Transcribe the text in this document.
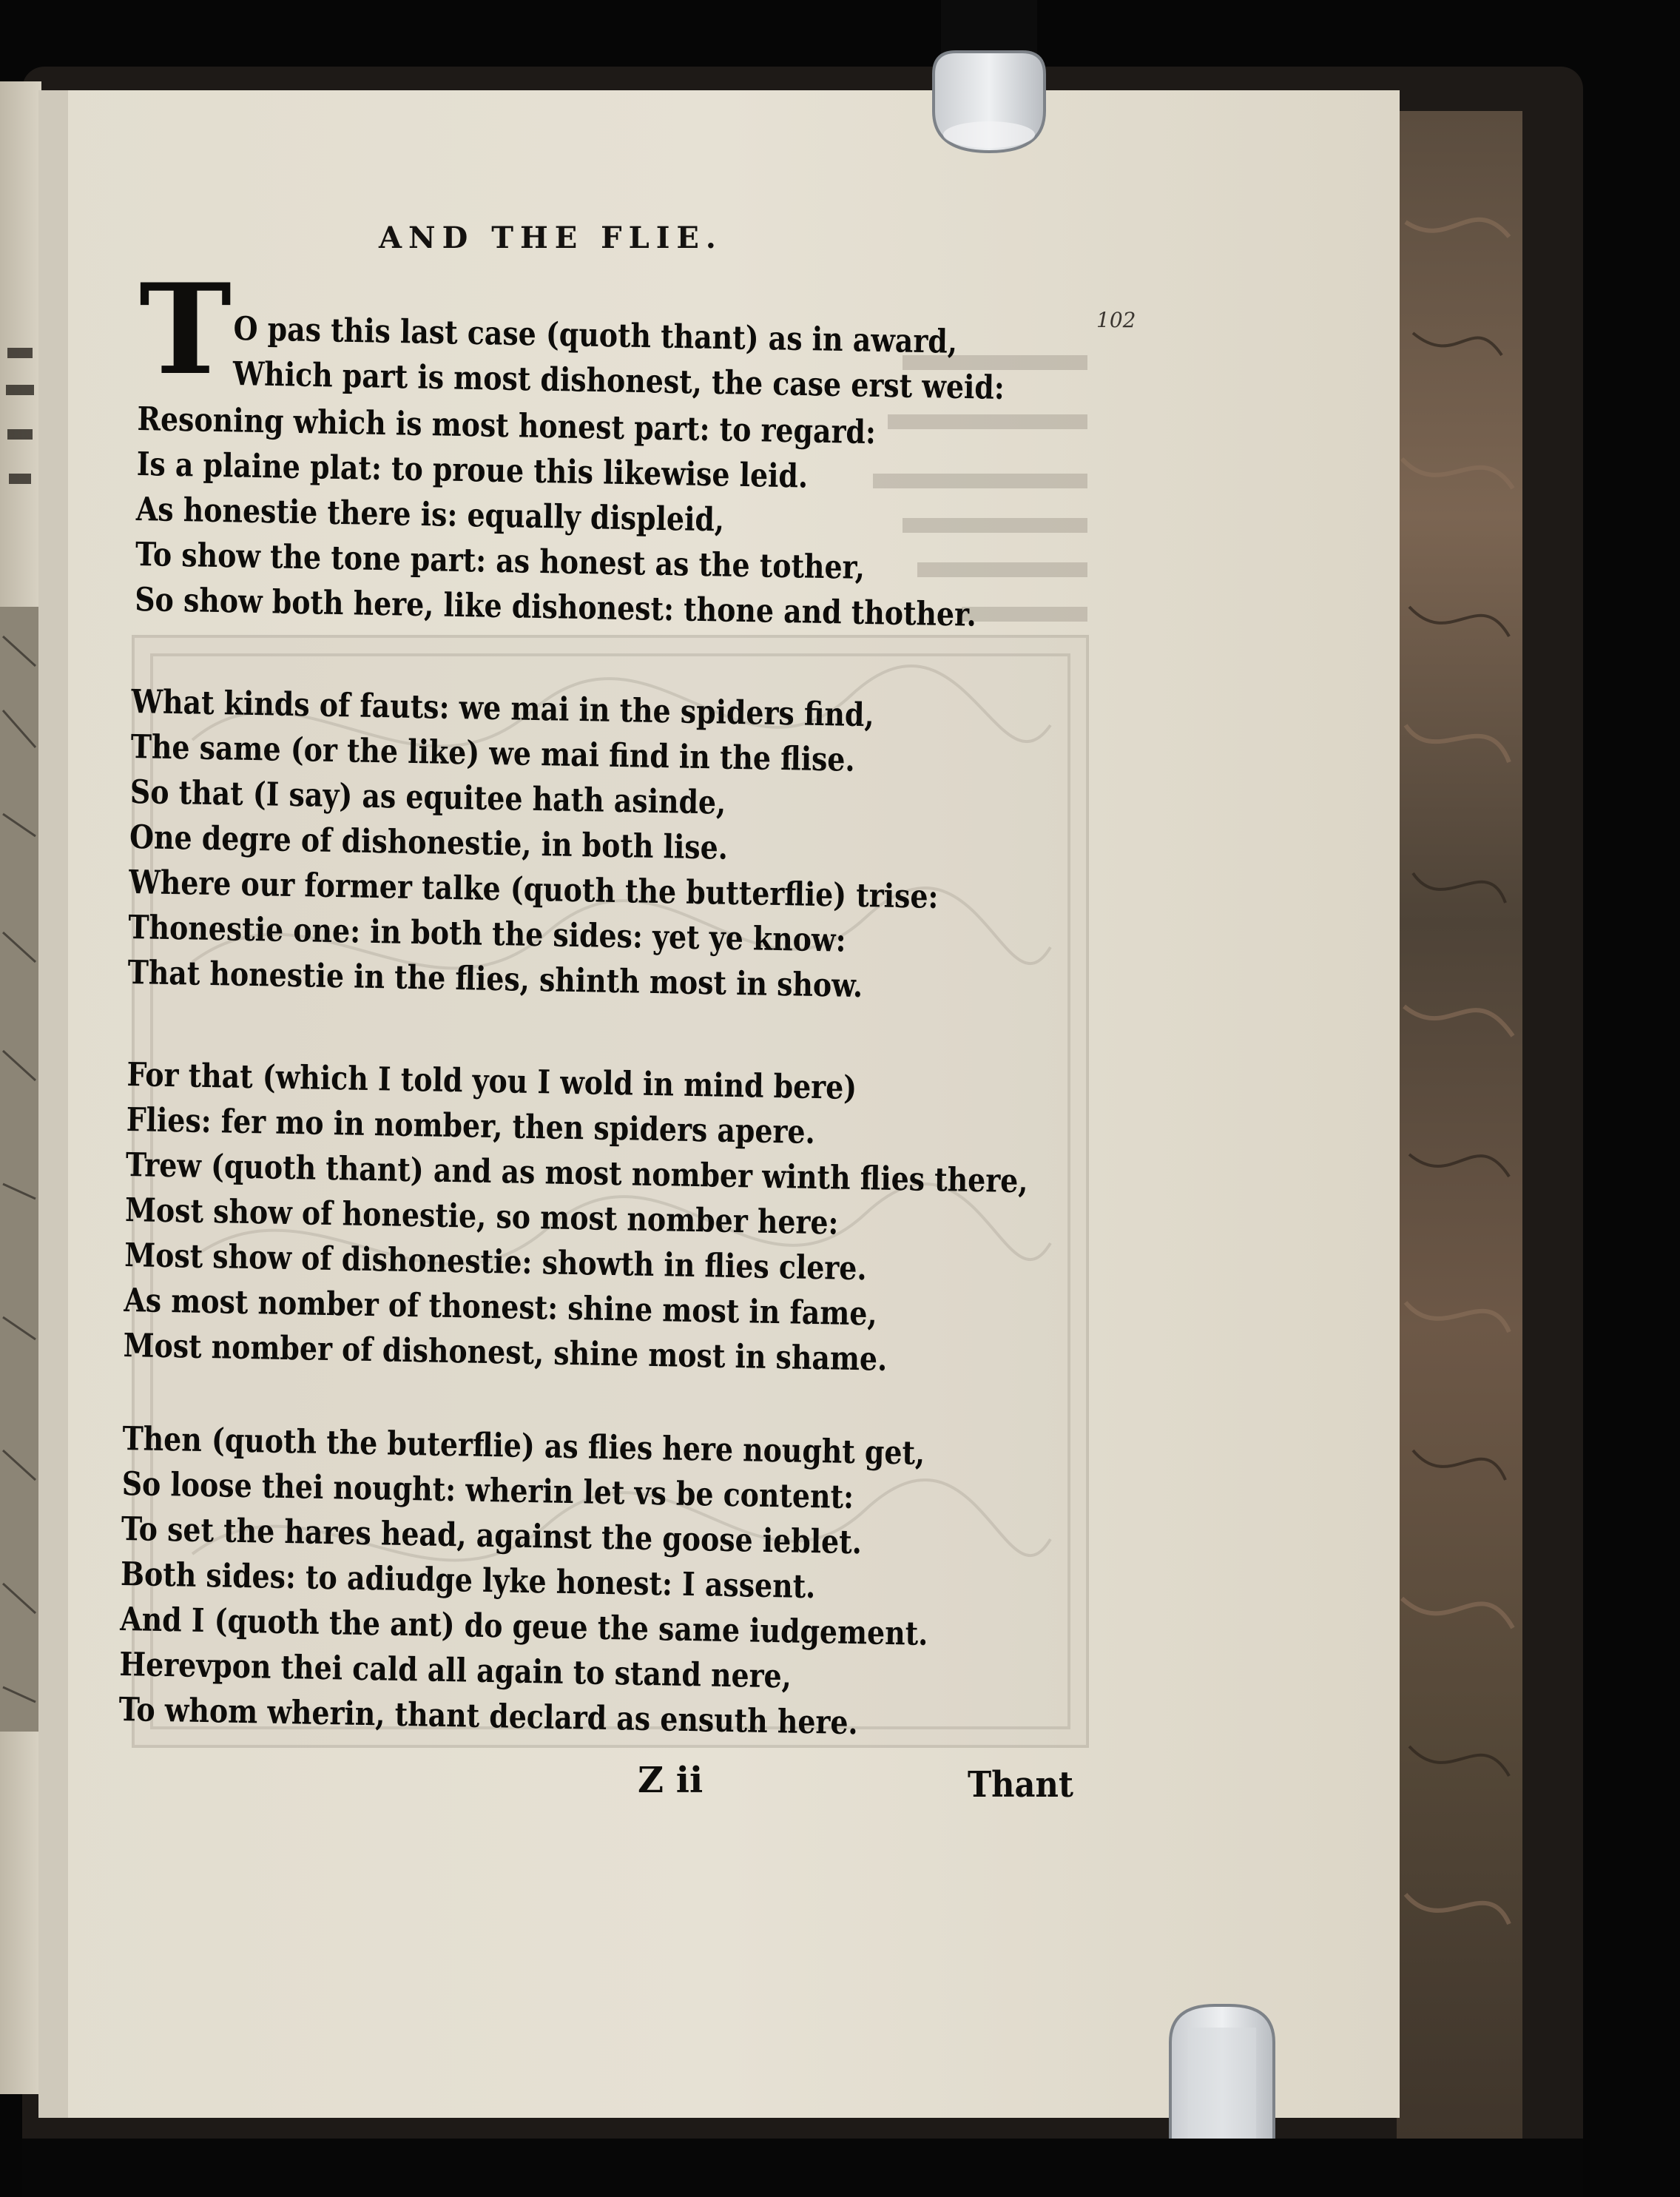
AND THE FLIE.
102
T O pas this last case (quoth thant) as in award,
Which part is most dishonest, the case erst weid:
Resoning which is most honest part: to regard:
Is a plaine plat: to proue this likewise leid.
As honestie there is: equally displeid,
To show the tone part: as honest as the tother,
So show both here, like dishonest: thone and thother.
What kinds of fauts: we mai in the spiders find,
The same (or the like) we mai find in the flise.
So that (I say) as equitee hath asinde,
One degre of dishonestie, in both lise.
Where our former talke (quoth the butterflie) trise:
Thonestie one: in both the sides: yet ye know:
That honestie in the flies, shinth most in show.
For that (which I told you I wold in mind bere)
Flies: fer mo in nomber, then spiders apere.
Trew (quoth thant) and as most nomber winth flies there,
Most show of honestie, so most nomber here:
Most show of dishonestie: showth in flies clere.
As most nomber of thonest: shine most in fame,
Most nomber of dishonest, shine most in shame.
Then (quoth the buterflie) as flies here nought get,
So loose thei nought: wherin let vs be content:
To set the hares head, against the goose ieblet.
Both sides: to adiudge lyke honest: I assent.
And I (quoth the ant) do geue the same iudgement.
Herevpon thei cald all again to stand nere,
To whom wherin, thant declard as ensuth here.
Z ii	Thant
